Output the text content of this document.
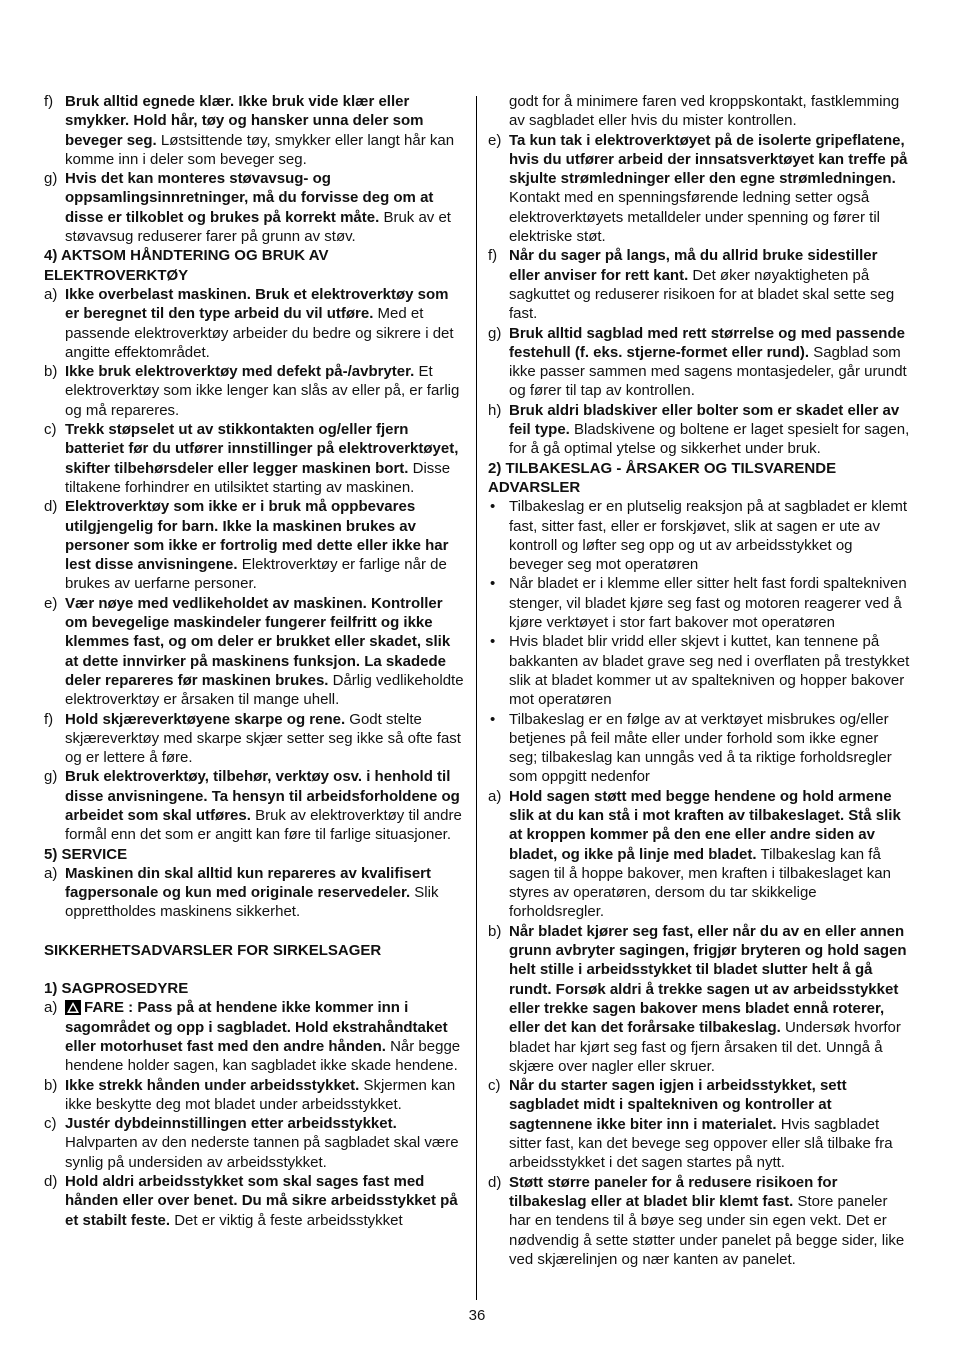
f) Bruk alltid egnede klær. Ikke bruk vide klær eller smykker. Hold hår, tøy og hansker unna deler som beveger seg. Løstsittende tøy, smykker eller langt hår kan komme inn i deler som beveger seg.
g) Hvis det kan monteres støvavsug- og oppsamlingsinnretninger, må du forvisse deg om at disse er tilkoblet og brukes på korrekt måte. Bruk av et støvavsug reduserer farer på grunn av støv.
4) AKTSOM HÅNDTERING OG BRUK AV ELEKTROVERKTØY
a) Ikke overbelast maskinen. Bruk et elektroverktøy som er beregnet til den type arbeid du vil utføre. Med et passende elektroverktøy arbeider du bedre og sikrere i det angitte effektområdet.
b) Ikke bruk elektroverktøy med defekt på-/avbryter. Et elektroverktøy som ikke lenger kan slås av eller på, er farlig og må repareres.
c) Trekk støpselet ut av stikkontakten og/eller fjern batteriet før du utfører innstillinger på elektroverktøyet, skifter tilbehørsdeler eller legger maskinen bort. Disse tiltakene forhindrer en utilsiktet starting av maskinen.
d) Elektroverktøy som ikke er i bruk må oppbevares utilgjengelig for barn. Ikke la maskinen brukes av personer som ikke er fortrolig med dette eller ikke har lest disse anvisningene. Elektroverktøy er farlige når de brukes av uerfarne personer.
e) Vær nøye med vedlikeholdet av maskinen. Kontroller om bevegelige maskindeler fungerer feilfritt og ikke klemmes fast, og om deler er brukket eller skadet, slik at dette innvirker på maskinens funksjon. La skadede deler repareres før maskinen brukes. Dårlig vedlikeholdte elektroverktøy er årsaken til mange uhell.
f) Hold skjæreverktøyene skarpe og rene. Godt stelte skjæreverktøy med skarpe skjær setter seg ikke så ofte fast og er lettere å føre.
g) Bruk elektroverktøy, tilbehør, verktøy osv. i henhold til disse anvisningene. Ta hensyn til arbeidsforholdene og arbeidet som skal utføres. Bruk av elektroverktøy til andre formål enn det som er angitt kan føre til farlige situasjoner.
5) SERVICE
a) Maskinen din skal alltid kun repareres av kvalifisert fagpersonale og kun med originale reservedeler. Slik opprettholdes maskinens sikkerhet.
SIKKERHETSADVARSLER FOR SIRKELSAGER
1) SAGPROSEDYRE
a) FARE : Pass på at hendene ikke kommer inn i sagområdet og opp i sagbladet. Hold ekstrahåndtaket eller motorhuset fast med den andre hånden. Når begge hendene holder sagen, kan sagbladet ikke skade hendene.
b) Ikke strekk hånden under arbeidsstykket. Skjermen kan ikke beskytte deg mot bladet under arbeidsstykket.
c) Justér dybdeinnstillingen etter arbeidsstykket. Halvparten av den nederste tannen på sagbladet skal være synlig på undersiden av arbeidsstykket.
d) Hold aldri arbeidsstykket som skal sages fast med hånden eller over benet. Du må sikre arbeidsstykket på et stabilt feste. Det er viktig å feste arbeidsstykket
godt for å minimere faren ved kroppskontakt, fastklemming av sagbladet eller hvis du mister kontrollen.
e) Ta kun tak i elektroverktøyet på de isolerte gripeflatene, hvis du utfører arbeid der innsatsverktøyet kan treffe på skjulte strømledninger eller den egne strømledningen. Kontakt med en spenningsførende ledning setter også elektroverktøyets metalldeler under spenning og fører til elektriske støt.
f) Når du sager på langs, må du allrid bruke sidestiller eller anviser for rett kant. Det øker nøyaktigheten på sagkuttet og reduserer risikoen for at bladet skal sette seg fast.
g) Bruk alltid sagblad med rett størrelse og med passende festehull (f. eks. stjerne-formet eller rund). Sagblad som ikke passer sammen med sagens montasjedeler, går urundt og fører til tap av kontrollen.
h) Bruk aldri bladskiver eller bolter som er skadet eller av feil type. Bladskivene og boltene er laget spesielt for sagen, for å gå optimal ytelse og sikkerhet under bruk.
2) TILBAKESLAG - ÅRSAKER OG TILSVARENDE ADVARSLER
• Tilbakeslag er en plutselig reaksjon på at sagbladet er klemt fast, sitter fast, eller er forskjøvet, slik at sagen er ute av kontroll og løfter seg opp og ut av arbeidsstykket og beveger seg mot operatøren
• Når bladet er i klemme eller sitter helt fast fordi spaltekniven stenger, vil bladet kjøre seg fast og motoren reagerer ved å kjøre verktøyet i stor fart bakover mot operatøren
• Hvis bladet blir vridd eller skjevt i kuttet, kan tennene på bakkanten av bladet grave seg ned i overflaten på trestykket slik at bladet kommer ut av spaltekniven og hopper bakover mot operatøren
• Tilbakeslag er en følge av at verktøyet misbrukes og/eller betjenes på feil måte eller under forhold som ikke egner seg; tilbakeslag kan unngås ved å ta riktige forholdsregler som oppgitt nedenfor
a) Hold sagen støtt med begge hendene og hold armene slik at du kan stå i mot kraften av tilbakeslaget. Stå slik at kroppen kommer på den ene eller andre siden av bladet, og ikke på linje med bladet. Tilbakeslag kan få sagen til å hoppe bakover, men kraften i tilbakeslaget kan styres av operatøren, dersom du tar skikkelige forholdsregler.
b) Når bladet kjører seg fast, eller når du av en eller annen grunn avbryter sagingen, frigjør bryteren og hold sagen helt stille i arbeidsstykket til bladet slutter helt å gå rundt. Forsøk aldri å trekke sagen ut av arbeidsstykket eller trekke sagen bakover mens bladet ennå roterer, eller det kan det forårsake tilbakeslag. Undersøk hvorfor bladet har kjørt seg fast og fjern årsaken til det. Unngå å skjære over nagler eller skruer.
c) Når du starter sagen igjen i arbeidsstykket, sett sagbladet midt i spaltekniven og kontroller at sagtennene ikke biter inn i materialet. Hvis sagbladet sitter fast, kan det bevege seg oppover eller slå tilbake fra arbeidsstykket i det sagen startes på nytt.
d) Støtt større paneler for å redusere risikoen for tilbakeslag eller at bladet blir klemt fast. Store paneler har en tendens til å bøye seg under sin egen vekt. Det er nødvendig å sette støtter under panelet på begge sider, like ved skjærelinjen og nær kanten av panelet.
36
